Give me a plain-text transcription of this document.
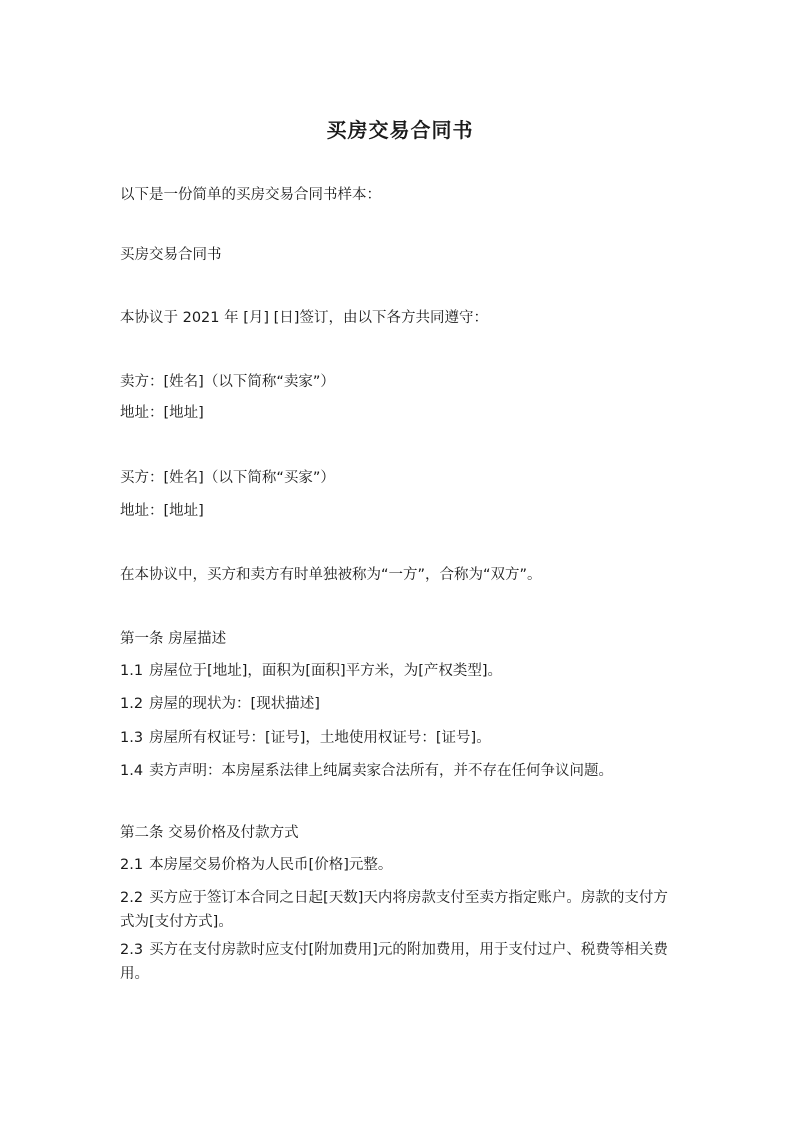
买房交易合同书

以下是一份简单的买房交易合同书样本：

买房交易合同书

本协议于 2021 年 [月] [日]签订，由以下各方共同遵守：

卖方：[姓名]（以下简称“卖家”）

地址：[地址]

买方：[姓名]（以下简称“买家”）

地址：[地址]

在本协议中，买方和卖方有时单独被称为“一方”，合称为“双方”。

第一条 房屋描述

1.1 房屋位于[地址]，面积为[面积]平方米，为[产权类型]。

1.2 房屋的现状为：[现状描述]

1.3 房屋所有权证号：[证号]，土地使用权证号：[证号]。

1.4 卖方声明：本房屋系法律上纯属卖家合法所有，并不存在任何争议问题。

第二条 交易价格及付款方式

2.1 本房屋交易价格为人民币[价格]元整。

2.2 买方应于签订本合同之日起[天数]天内将房款支付至卖方指定账户。房款的支付方式为[支付方式]。

2.3 买方在支付房款时应支付[附加费用]元的附加费用，用于支付过户、税费等相关费用。
